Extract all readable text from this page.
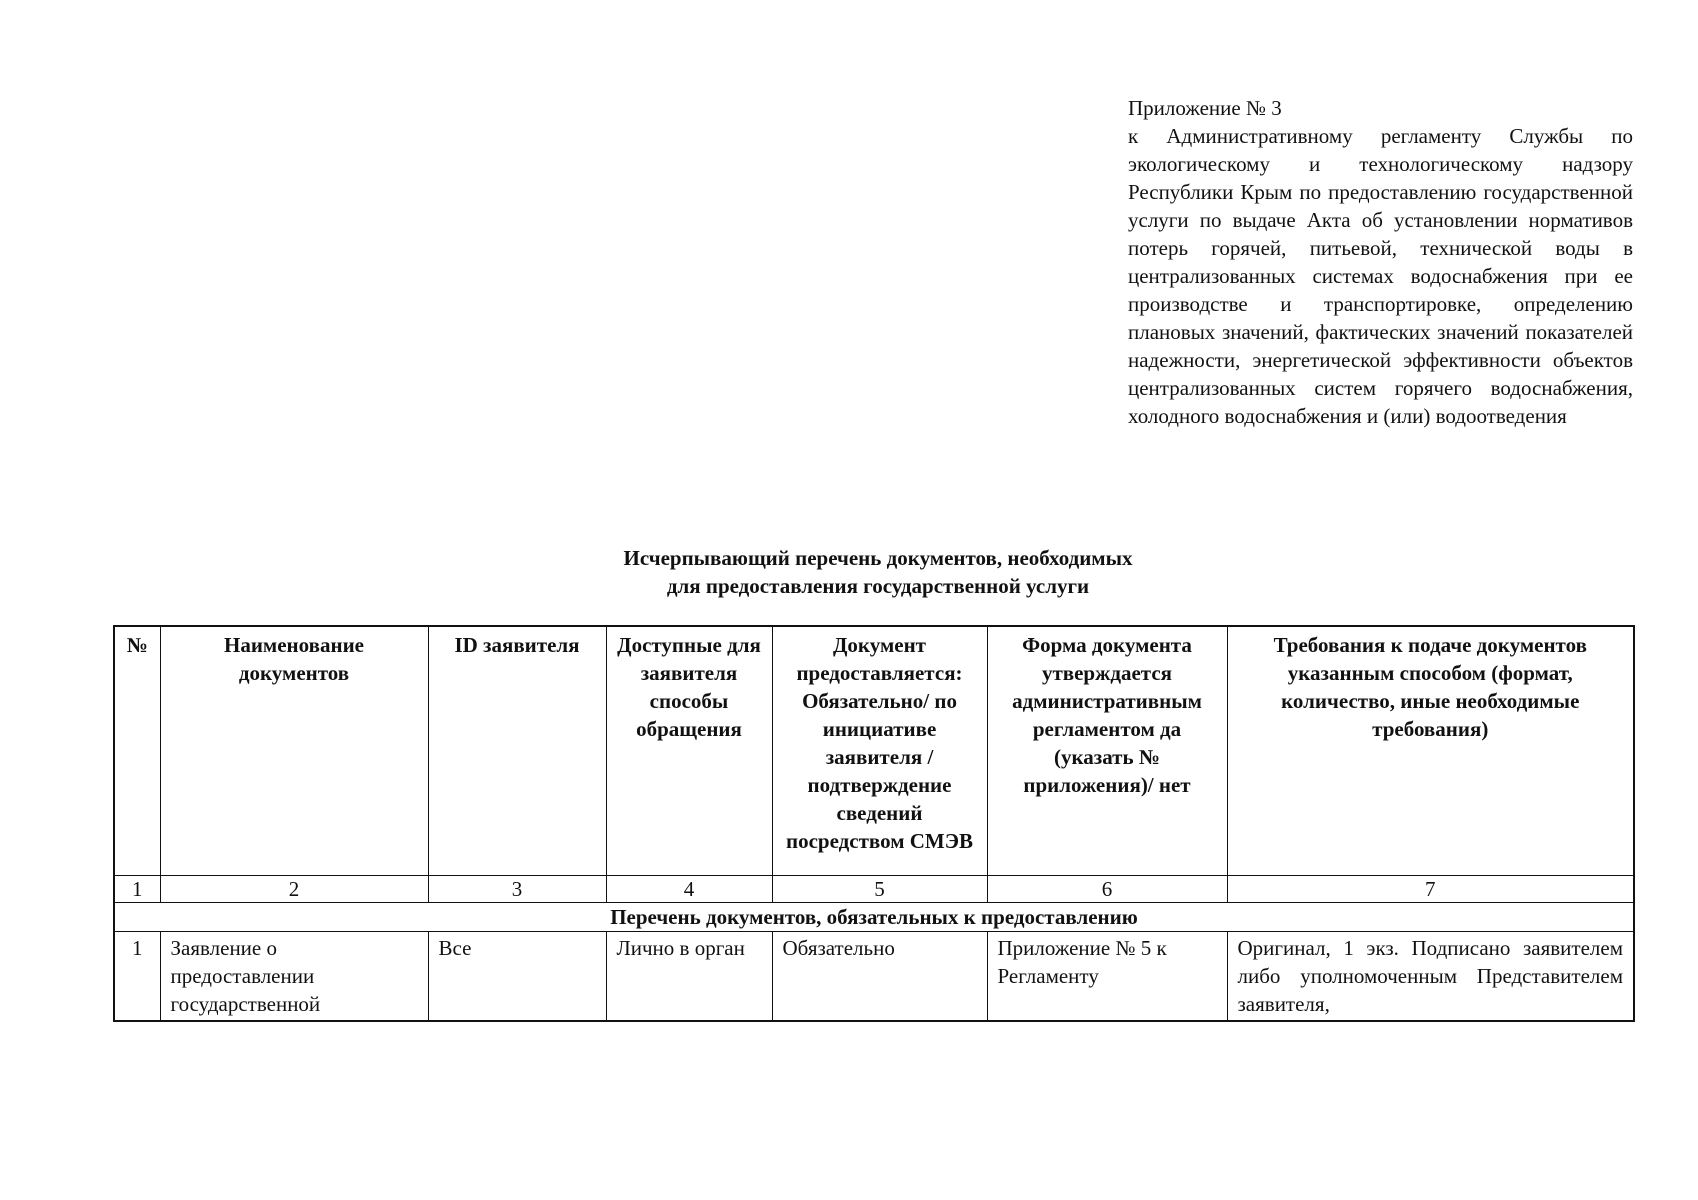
Приложение № 3
к Административному регламенту Службы по экологическому и технологическому надзору Республики Крым по предоставлению государственной услуги по выдаче Акта об установлении нормативов потерь горячей, питьевой, технической воды в централизованных системах водоснабжения при ее производстве и транспортировке, определению плановых значений, фактических значений показателей надежности, энергетической эффективности объектов централизованных систем горячего водоснабжения, холодного водоснабжения и (или) водоотведения
Исчерпывающий перечень документов, необходимых
для предоставления государственной услуги
№	Наименование документов	ID заявителя	Доступные для заявителя способы обращения	Документ предоставляется: Обязательно/ по инициативе заявителя /подтверждение сведений посредством СМЭВ	Форма документа утверждается административным регламентом да (указать № приложения)/ нет	Требования к подаче документов указанным способом (формат, количество, иные необходимые требования)
1	2	3	4	5	6	7
Перечень документов, обязательных к предоставлению						
1	Заявление о предоставлении государственной	Все	Лично в орган	Обязательно	Приложение № 5 к Регламенту	Оригинал, 1 экз. Подписано заявителем либо уполномоченным Представителем заявителя,
